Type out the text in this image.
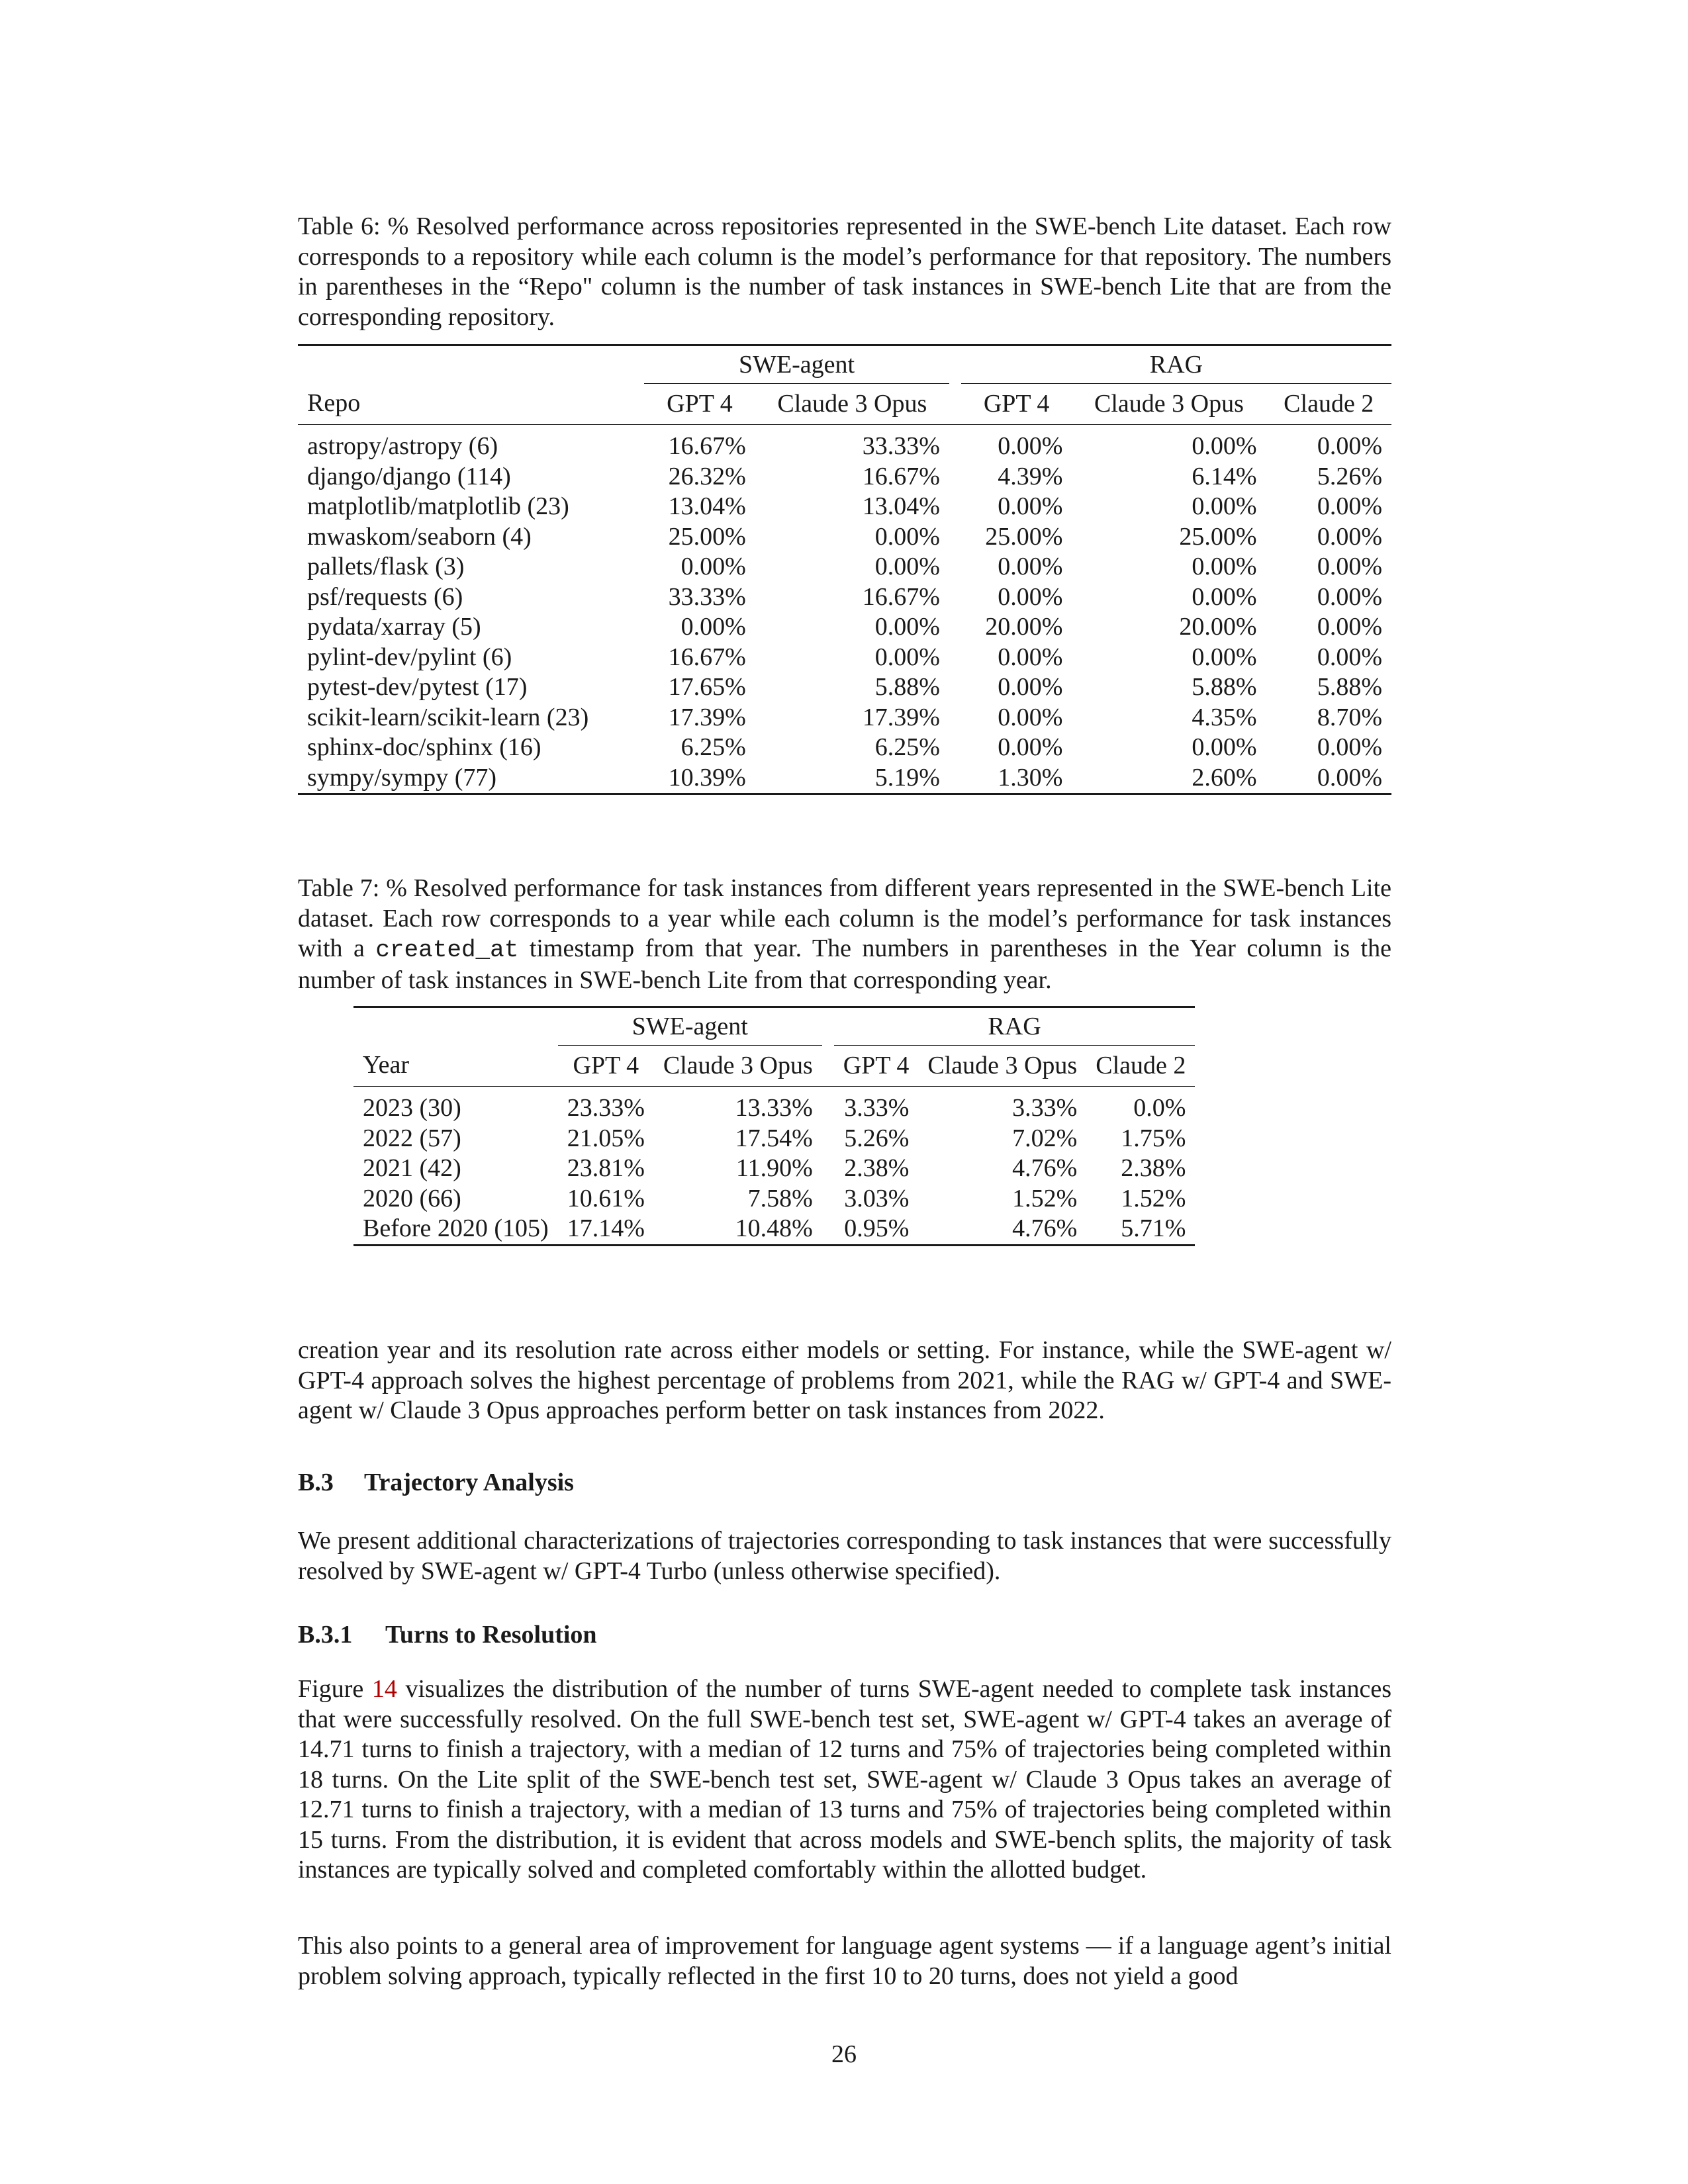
Table 6: % Resolved performance across repositories represented in the SWE-bench Lite dataset. Each row corresponds to a repository while each column is the model’s performance for that repository. The numbers in parentheses in the “Repo" column is the number of task instances in SWE-bench Lite that are from the corresponding repository.

	SWE-agent			RAG		
Repo	GPT 4	Claude 3 Opus		GPT 4	Claude 3 Opus	Claude 2

astropy/astropy (6)	16.67%	33.33%		0.00%	0.00%	0.00%
django/django (114)	26.32%	16.67%		4.39%	6.14%	5.26%
matplotlib/matplotlib (23)	13.04%	13.04%		0.00%	0.00%	0.00%
mwaskom/seaborn (4)	25.00%	0.00%		25.00%	25.00%	0.00%
pallets/flask (3)	0.00%	0.00%		0.00%	0.00%	0.00%
psf/requests (6)	33.33%	16.67%		0.00%	0.00%	0.00%
pydata/xarray (5)	0.00%	0.00%		20.00%	20.00%	0.00%
pylint-dev/pylint (6)	16.67%	0.00%		0.00%	0.00%	0.00%
pytest-dev/pytest (17)	17.65%	5.88%		0.00%	5.88%	5.88%
scikit-learn/scikit-learn (23)	17.39%	17.39%		0.00%	4.35%	8.70%
sphinx-doc/sphinx (16)	6.25%	6.25%		0.00%	0.00%	0.00%
sympy/sympy (77)	10.39%	5.19%		1.30%	2.60%	0.00%

Table 7: % Resolved performance for task instances from different years represented in the SWE-bench Lite dataset. Each row corresponds to a year while each column is the model’s performance for task instances with a created_at timestamp from that year. The numbers in parentheses in the Year column is the number of task instances in SWE-bench Lite from that corresponding year.

	SWE-agent			RAG		
Year	GPT 4	Claude 3 Opus		GPT 4	Claude 3 Opus	Claude 2

2023 (30)	23.33%	13.33%		3.33%	3.33%	0.0%
2022 (57)	21.05%	17.54%		5.26%	7.02%	1.75%
2021 (42)	23.81%	11.90%		2.38%	4.76%	2.38%
2020 (66)	10.61%	7.58%		3.03%	1.52%	1.52%
Before 2020 (105)	17.14%	10.48%		0.95%	4.76%	5.71%

creation year and its resolution rate across either models or setting. For instance, while the SWE-agent w/ GPT-4 approach solves the highest percentage of problems from 2021, while the RAG w/ GPT-4 and SWE-agent w/ Claude 3 Opus approaches perform better on task instances from 2022.

B.3 Trajectory Analysis

We present additional characterizations of trajectories corresponding to task instances that were successfully resolved by SWE-agent w/ GPT-4 Turbo (unless otherwise specified).

B.3.1 Turns to Resolution

Figure 14 visualizes the distribution of the number of turns SWE-agent needed to complete task instances that were successfully resolved. On the full SWE-bench test set, SWE-agent w/ GPT-4 takes an average of 14.71 turns to finish a trajectory, with a median of 12 turns and 75% of trajectories being completed within 18 turns. On the Lite split of the SWE-bench test set, SWE-agent w/ Claude 3 Opus takes an average of 12.71 turns to finish a trajectory, with a median of 13 turns and 75% of trajectories being completed within 15 turns. From the distribution, it is evident that across models and SWE-bench splits, the majority of task instances are typically solved and completed comfortably within the allotted budget.

This also points to a general area of improvement for language agent systems — if a language agent’s initial problem solving approach, typically reflected in the first 10 to 20 turns, does not yield a good

26
